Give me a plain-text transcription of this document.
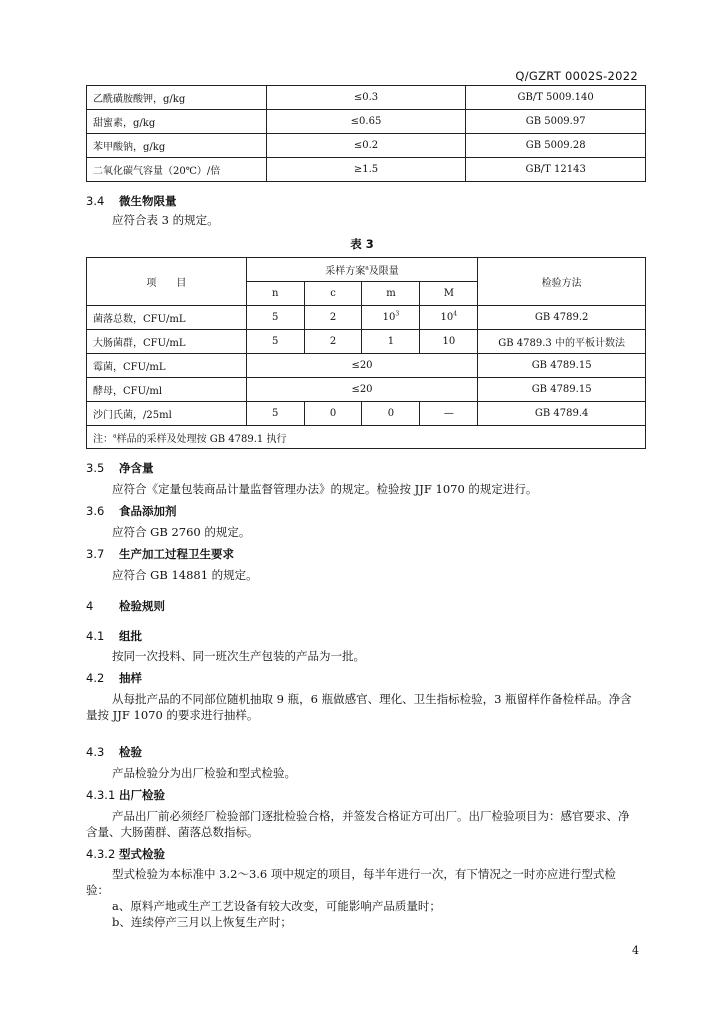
Q/GZRT 0002S-2022
乙酰磺胺酸钾，g/kg	≤0.3	GB/T 5009.140
甜蜜素，g/kg	≤0.65	GB 5009.97
苯甲酸钠，g/kg	≤0.2	GB 5009.28
二氧化碳气容量（20℃）/倍	≥1.5	GB/T 12143
3.4 微生物限量
应符合表 3 的规定。
表 3
项　　目	采样方案$^a$及限量				检验方法
	n	c	m	M	
菌落总数，CFU/mL	5	2	$10^3$	$10^4$	GB 4789.2
大肠菌群，CFU/mL	5	2	1	10	GB 4789.3 中的平板计数法
霉菌，CFU/mL	≤20				GB 4789.15
酵母，CFU/ml	≤20				GB 4789.15
沙门氏菌，/25ml	5	0	0	—	GB 4789.4
注：$^a$样品的采样及处理按 GB 4789.1 执行					
3.5 净含量
应符合《定量包装商品计量监督管理办法》的规定。检验按 JJF 1070 的规定进行。
3.6 食品添加剂
应符合 GB 2760 的规定。
3.7 生产加工过程卫生要求
应符合 GB 14881 的规定。
4 检验规则
4.1 组批
按同一次投料、同一班次生产包装的产品为一批。
4.2 抽样
从每批产品的不同部位随机抽取 9 瓶，6 瓶做感官、理化、卫生指标检验，3 瓶留样作备检样品。净含量按 JJF 1070 的要求进行抽样。
4.3 检验
产品检验分为出厂检验和型式检验。
4.3.1 出厂检验
产品出厂前必须经厂检验部门逐批检验合格，并签发合格证方可出厂。出厂检验项目为：感官要求、净含量、大肠菌群、菌落总数指标。
4.3.2 型式检验
型式检验为本标准中 3.2～3.6 项中规定的项目，每半年进行一次，有下情况之一时亦应进行型式检验：
a、原料产地或生产工艺设备有较大改变，可能影响产品质量时；
b、连续停产三月以上恢复生产时；
4
